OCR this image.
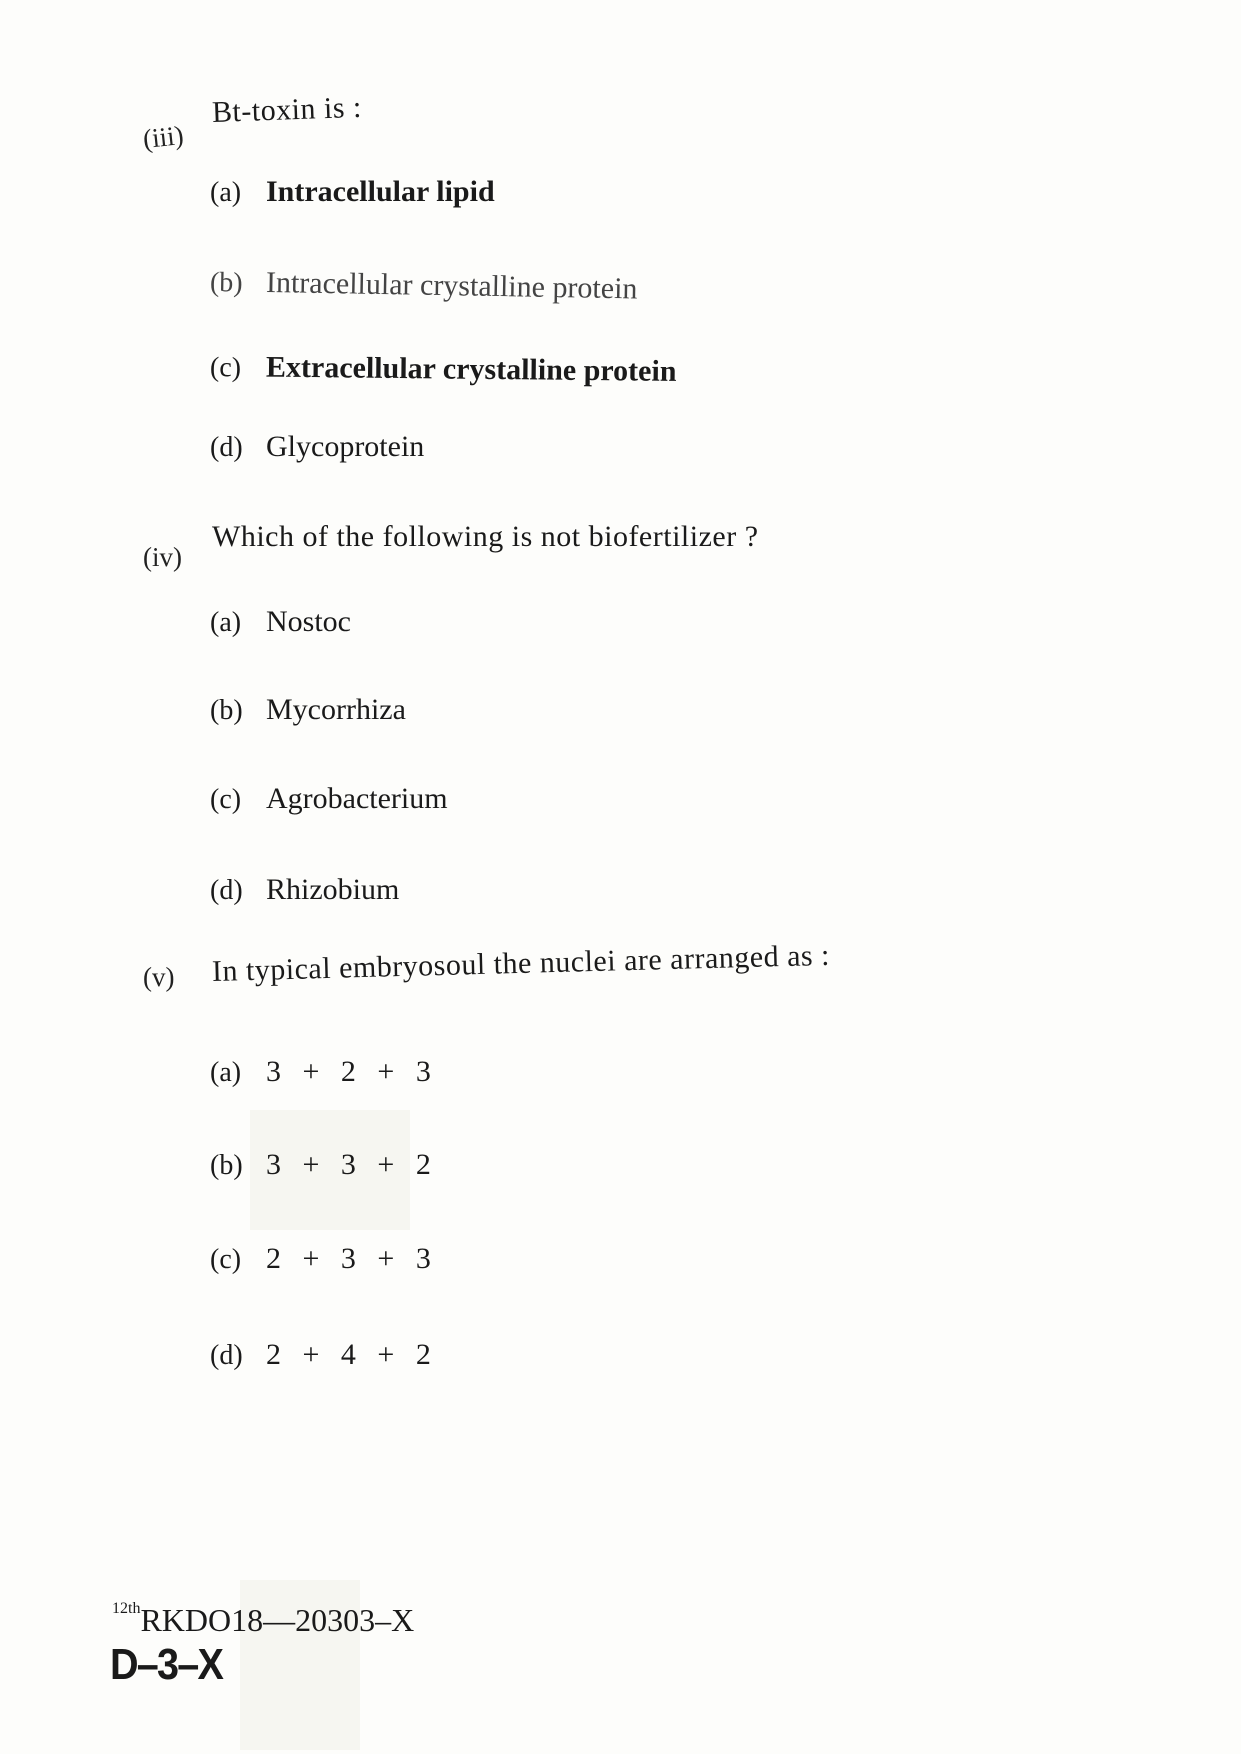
(iii)
Bt-toxin is :
(a) Intracellular lipid
(b) Intracellular crystalline protein
(c) Extracellular crystalline protein
(d) Glycoprotein
(iv)
Which of the following is not biofertilizer ?
(a) Nostoc
(b) Mycorrhiza
(c) Agrobacterium
(d) Rhizobium
(v) In typical embryosoul the nuclei are arranged as :
(a) 3 + 2 + 3
(b) 3 + 3 + 2
(c) 2 + 3 + 3
(d) 2 + 4 + 2
$^{12th}$RKDO18—20303–X
D–3–X
